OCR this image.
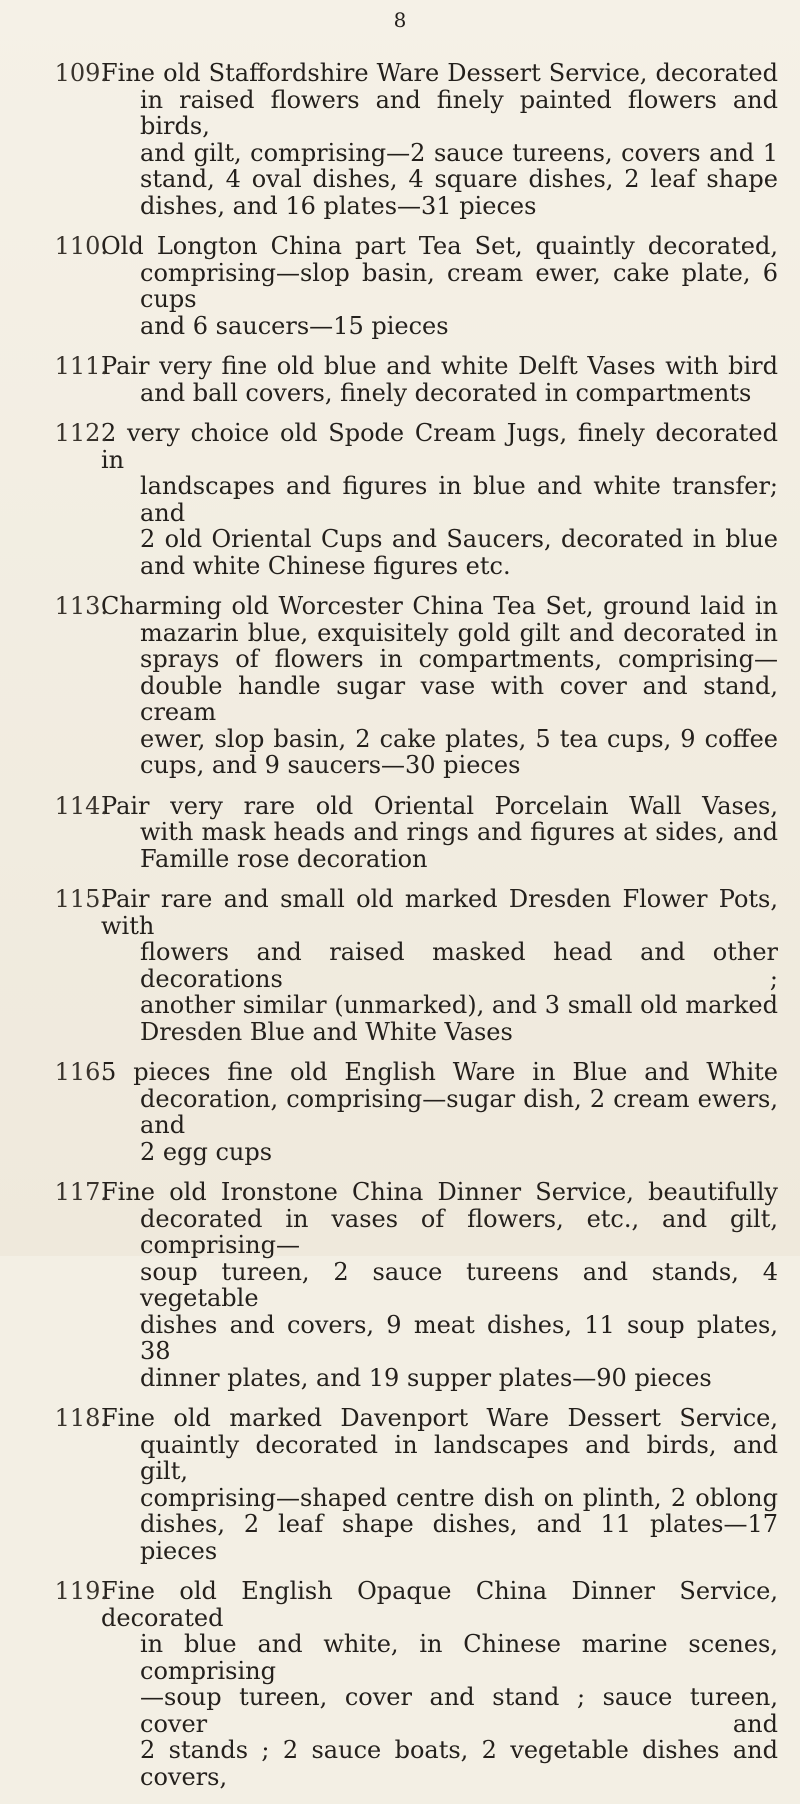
8
109.
Fine old Staffordshire Ware Dessert Service, decorated
in raised flowers and finely painted flowers and birds,
and gilt, comprising—2 sauce tureens, covers and 1
stand, 4 oval dishes, 4 square dishes, 2 leaf shape
dishes, and 16 plates—31 pieces
110.
Old Longton China part Tea Set, quaintly decorated,
comprising—slop basin, cream ewer, cake plate, 6 cups
and 6 saucers—15 pieces
111.
Pair very fine old blue and white Delft Vases with bird
and ball covers, finely decorated in compartments
112.
2 very choice old Spode Cream Jugs, finely decorated in
landscapes and figures in blue and white transfer; and
2 old Oriental Cups and Saucers, decorated in blue
and white Chinese figures etc.
113.
Charming old Worcester China Tea Set, ground laid in
mazarin blue, exquisitely gold gilt and decorated in
sprays of flowers in compartments, comprising—
double handle sugar vase with cover and stand, cream
ewer, slop basin, 2 cake plates, 5 tea cups, 9 coffee
cups, and 9 saucers—30 pieces
114.
Pair very rare old Oriental Porcelain Wall Vases,
with mask heads and rings and figures at sides, and
Famille rose decoration
115.
Pair rare and small old marked Dresden Flower Pots, with
flowers and raised masked head and other decorations ;
another similar (unmarked), and 3 small old marked
Dresden Blue and White Vases
116.
5 pieces fine old English Ware in Blue and White
decoration, comprising—sugar dish, 2 cream ewers, and
2 egg cups
117.
Fine old Ironstone China Dinner Service, beautifully
decorated in vases of flowers, etc., and gilt, comprising—
soup tureen, 2 sauce tureens and stands, 4 vegetable
dishes and covers, 9 meat dishes, 11 soup plates, 38
dinner plates, and 19 supper plates—90 pieces
118.
Fine old marked Davenport Ware Dessert Service,
quaintly decorated in landscapes and birds, and gilt,
comprising—shaped centre dish on plinth, 2 oblong
dishes, 2 leaf shape dishes, and 11 plates—17 pieces
119.
Fine old English Opaque China Dinner Service, decorated
in blue and white, in Chinese marine scenes, comprising
—soup tureen, cover and stand ; sauce tureen, cover and
2 stands ; 2 sauce boats, 2 vegetable dishes and covers,
